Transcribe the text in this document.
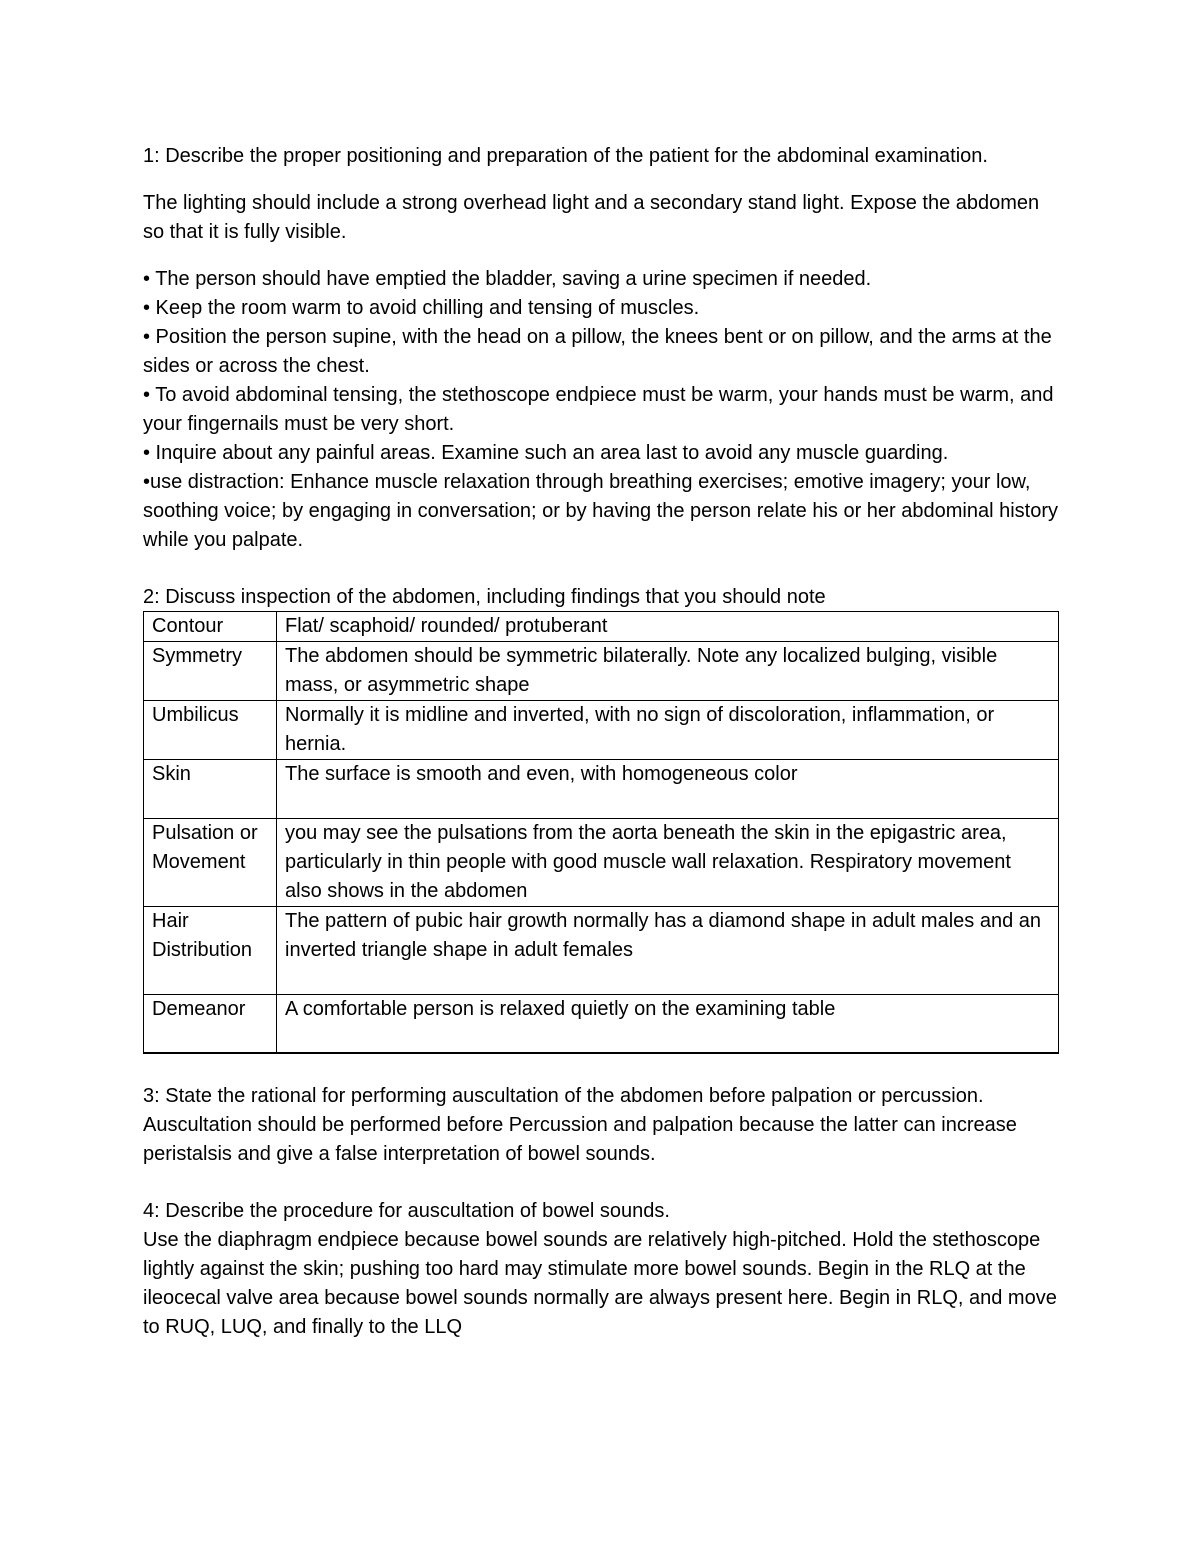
1: Describe the proper positioning and preparation of the patient for the abdominal examination.

The lighting should include a strong overhead light and a secondary stand light. Expose the abdomen so that it is fully visible.

• The person should have emptied the bladder, saving a urine specimen if needed.
• Keep the room warm to avoid chilling and tensing of muscles.
• Position the person supine, with the head on a pillow, the knees bent or on pillow, and the arms at the sides or across the chest.
• To avoid abdominal tensing, the stethoscope endpiece must be warm, your hands must be warm, and your fingernails must be very short.
• Inquire about any painful areas. Examine such an area last to avoid any muscle guarding.
•use distraction: Enhance muscle relaxation through breathing exercises; emotive imagery; your low, soothing voice; by engaging in conversation; or by having the person relate his or her abdominal history while you palpate.

2: Discuss inspection of the abdomen, including findings that you should note

Contour	Flat/ scaphoid/ rounded/ protuberant
Symmetry	The abdomen should be symmetric bilaterally. Note any localized bulging, visible mass, or asymmetric shape
Umbilicus	Normally it is midline and inverted, with no sign of discoloration, inflammation, or hernia.
Skin	The surface is smooth and even, with homogeneous color
Pulsation or Movement	you may see the pulsations from the aorta beneath the skin in the epigastric area, particularly in thin people with good muscle wall relaxation. Respiratory movement also shows in the abdomen
Hair Distribution	The pattern of pubic hair growth normally has a diamond shape in adult males and an inverted triangle shape in adult females
Demeanor	A comfortable person is relaxed quietly on the examining table

3: State the rational for performing auscultation of the abdomen before palpation or percussion.

Auscultation should be performed before Percussion and palpation because the latter can increase peristalsis and give a false interpretation of bowel sounds.

4: Describe the procedure for auscultation of bowel sounds.

Use the diaphragm endpiece because bowel sounds are relatively high-pitched. Hold the stethoscope lightly against the skin; pushing too hard may stimulate more bowel sounds. Begin in the RLQ at the ileocecal valve area because bowel sounds normally are always present here. Begin in RLQ, and move to RUQ, LUQ, and finally to the LLQ
